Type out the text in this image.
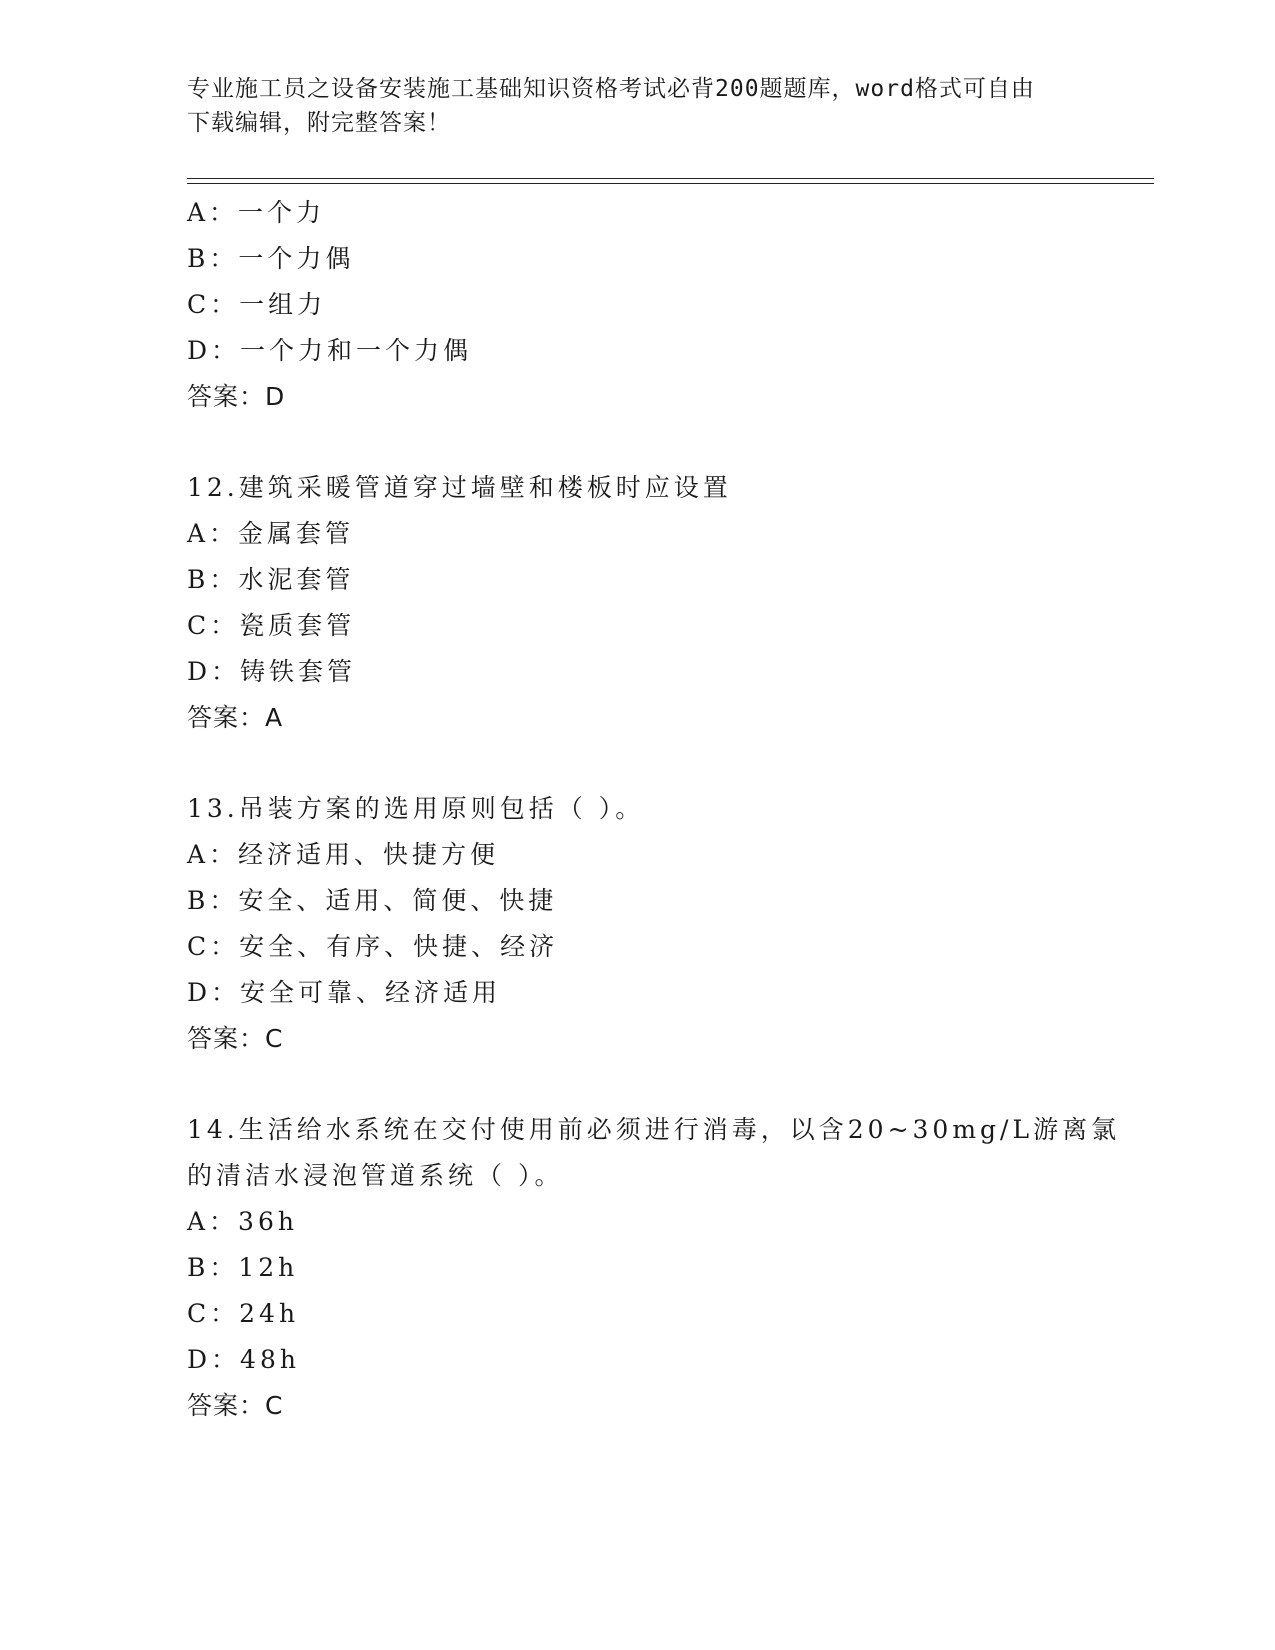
专业施工员之设备安装施工基础知识资格考试必背200题题库，word格式可自由
下载编辑，附完整答案！
A：一个力
B：一个力偶
C：一组力
D：一个力和一个力偶
答案：D
12.建筑采暖管道穿过墙壁和楼板时应设置
A：金属套管
B：水泥套管
C：瓷质套管
D：铸铁套管
答案：A
13.吊装方案的选用原则包括（ ）。
A：经济适用、快捷方便
B：安全、适用、简便、快捷
C：安全、有序、快捷、经济
D：安全可靠、经济适用
答案：C
14.生活给水系统在交付使用前必须进行消毒，以含20~30mg/L游离氯
的清洁水浸泡管道系统（ ）。
A：36h
B：12h
C：24h
D：48h
答案：C
